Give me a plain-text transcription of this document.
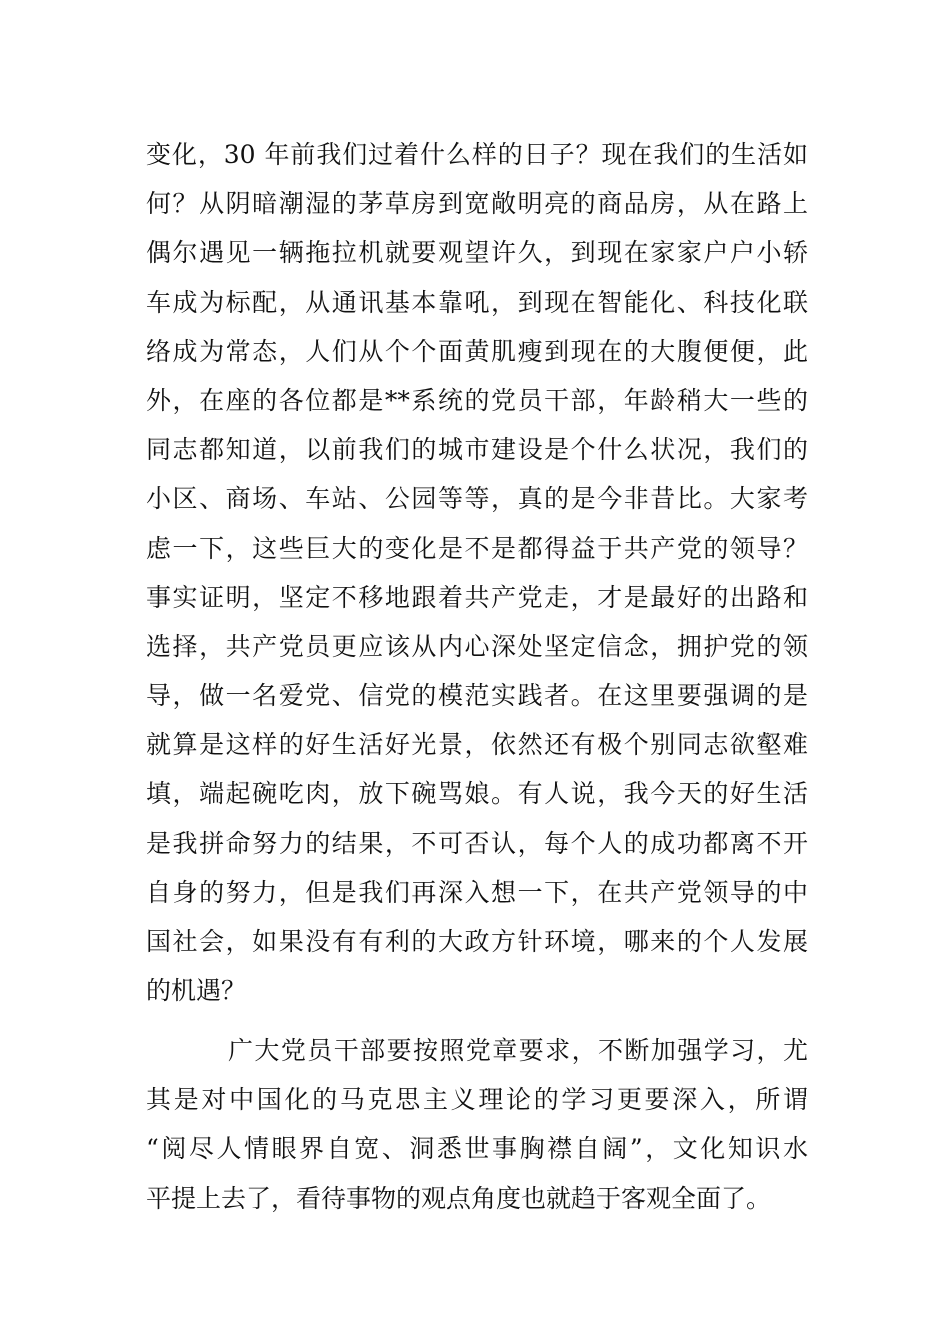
变化，30 年前我们过着什么样的日子？现在我们的生活如
何？从阴暗潮湿的茅草房到宽敞明亮的商品房，从在路上
偶尔遇见一辆拖拉机就要观望许久，到现在家家户户小轿
车成为标配，从通讯基本靠吼，到现在智能化、科技化联
络成为常态，人们从个个面黄肌瘦到现在的大腹便便，此
外，在座的各位都是**系统的党员干部，年龄稍大一些的
同志都知道，以前我们的城市建设是个什么状况，我们的
小区、商场、车站、公园等等，真的是今非昔比。大家考
虑一下，这些巨大的变化是不是都得益于共产党的领导？
事实证明，坚定不移地跟着共产党走，才是最好的出路和
选择，共产党员更应该从内心深处坚定信念，拥护党的领
导，做一名爱党、信党的模范实践者。在这里要强调的是
就算是这样的好生活好光景，依然还有极个别同志欲壑难
填，端起碗吃肉，放下碗骂娘。有人说，我今天的好生活
是我拼命努力的结果，不可否认，每个人的成功都离不开
自身的努力，但是我们再深入想一下，在共产党领导的中
国社会，如果没有有利的大政方针环境，哪来的个人发展
的机遇？
广大党员干部要按照党章要求，不断加强学习，尤
其是对中国化的马克思主义理论的学习更要深入，所谓
“阅尽人情眼界自宽、洞悉世事胸襟自阔”，文化知识水
平提上去了，看待事物的观点角度也就趋于客观全面了。
